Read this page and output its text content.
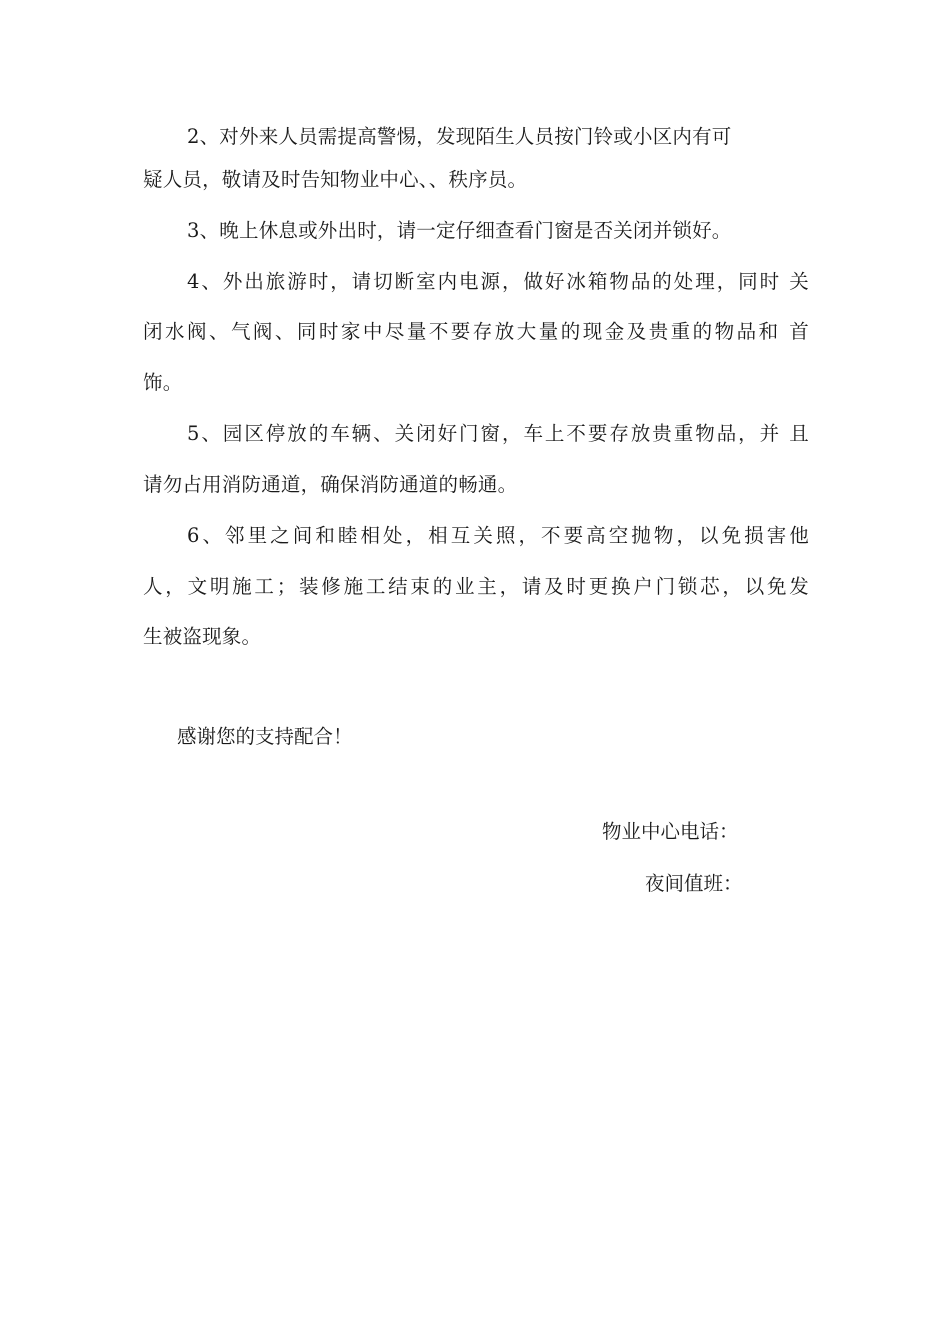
2、对外来人员需提高警惕，发现陌生人员按门铃或小区内有可
疑人员，敬请及时告知物业中心、、秩序员。
3、晚上休息或外出时，请一定仔细查看门窗是否关闭并锁好。
4、外出旅游时，请切断室内电源，做好冰箱物品的处理，同时 关
闭水阀、气阀、同时家中尽量不要存放大量的现金及贵重的物品和 首
饰。
5、园区停放的车辆、关闭好门窗，车上不要存放贵重物品，并 且
请勿占用消防通道，确保消防通道的畅通。
6、邻里之间和睦相处，相互关照，不要高空抛物，以免损害他
人，文明施工；装修施工结束的业主，请及时更换户门锁芯，以免发
生被盗现象。
感谢您的支持配合！
物业中心电话：
夜间值班：
